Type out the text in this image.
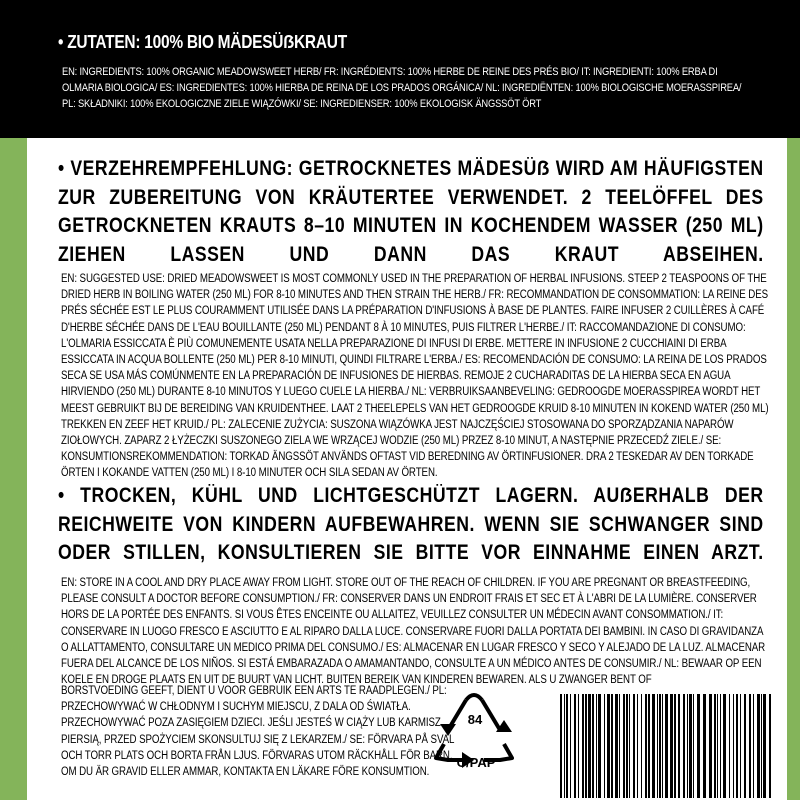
• ZUTATEN: 100% BIO MÄDESÜẞKRAUT
EN: INGREDIENTS: 100% ORGANIC MEADOWSWEET HERB/ FR: INGRÉDIENTS: 100% HERBE DE REINE DES PRÉS BIO/ IT: INGREDIENTI: 100% ERBA DI OLMARIA BIOLOGICA/ ES: INGREDIENTES: 100% HIERBA DE REINA DE LOS PRADOS ORGÁNICA/ NL: INGREDIËNTEN: 100% BIOLOGISCHE MOERASSPIREA/ PL: SKŁADNIKI: 100% EKOLOGICZNE ZIELE WIĄZÓWKI/ SE: INGREDIENSER: 100% EKOLOGISK ÄNGSSÖT ÖRT
• VERZEHREMPFEHLUNG: GETROCKNETES MÄDESÜẞ WIRD AM HÄUFIGSTEN ZUR ZUBEREITUNG VON KRÄUTERTEE VERWENDET. 2 TEELÖFFEL DES GETROCKNETEN KRAUTS 8–10 MINUTEN IN KOCHENDEM WASSER (250 ML) ZIEHEN LASSEN UND DANN DAS KRAUT ABSEIHEN.
EN: SUGGESTED USE: DRIED MEADOWSWEET IS MOST COMMONLY USED IN THE PREPARATION OF HERBAL INFUSIONS. STEEP 2 TEASPOONS OF THE DRIED HERB IN BOILING WATER (250 ML) FOR 8-10 MINUTES AND THEN STRAIN THE HERB./ FR: RECOMMANDATION DE CONSOMMATION: LA REINE DES PRÉS SÉCHÉE EST LE PLUS COURAMMENT UTILISÉE DANS LA PRÉPARATION D'INFUSIONS À BASE DE PLANTES. FAIRE INFUSER 2 CUILLÈRES À CAFÉ D'HERBE SÉCHÉE DANS DE L'EAU BOUILLANTE (250 ML) PENDANT 8 À 10 MINUTES, PUIS FILTRER L'HERBE./ IT: RACCOMANDAZIONE DI CONSUMO: L'OLMARIA ESSICCATA È PIÙ COMUNEMENTE USATA NELLA PREPARAZIONE DI INFUSI DI ERBE. METTERE IN INFUSIONE 2 CUCCHIAINI DI ERBA ESSICCATA IN ACQUA BOLLENTE (250 ML) PER 8-10 MINUTI, QUINDI FILTRARE L'ERBA./ ES: RECOMENDACIÓN DE CONSUMO: LA REINA DE LOS PRADOS SECA SE USA MÁS COMÚNMENTE EN LA PREPARACIÓN DE INFUSIONES DE HIERBAS. REMOJE 2 CUCHARADITAS DE LA HIERBA SECA EN AGUA HIRVIENDO (250 ML) DURANTE 8-10 MINUTOS Y LUEGO CUELE LA HIERBA./ NL: VERBRUIKSAANBEVELING: GEDROOGDE MOERASSPIREA WORDT HET MEEST GEBRUIKT BIJ DE BEREIDING VAN KRUIDENTHEE. LAAT 2 THEELEPELS VAN HET GEDROOGDE KRUID 8-10 MINUTEN IN KOKEND WATER (250 ML) TREKKEN EN ZEEF HET KRUID./ PL: ZALECENIE ZUŻYCIA: SUSZONA WIĄZÓWKA JEST NAJCZĘŚCIEJ STOSOWANA DO SPORZĄDZANIA NAPARÓW ZIOŁOWYCH. ZAPARZ 2 ŁYŻECZKI SUSZONEGO ZIELA WE WRZĄCEJ WODZIE (250 ML) PRZEZ 8-10 MINUT, A NASTĘPNIE PRZECEDŹ ZIELE./ SE: KONSUMTIONSREKOMMENDATION: TORKAD ÄNGSSÖT ANVÄNDS OFTAST VID BEREDNING AV ÖRTINFUSIONER. DRA 2 TESKEDAR AV DEN TORKADE ÖRTEN I KOKANDE VATTEN (250 ML) I 8-10 MINUTER OCH SILA SEDAN AV ÖRTEN.
• TROCKEN, KÜHL UND LICHTGESCHÜTZT LAGERN. AUẞERHALB DER REICHWEITE VON KINDERN AUFBEWAHREN. WENN SIE SCHWANGER SIND ODER STILLEN, KONSULTIEREN SIE BITTE VOR EINNAHME EINEN ARZT.
EN: STORE IN A COOL AND DRY PLACE AWAY FROM LIGHT. STORE OUT OF THE REACH OF CHILDREN. IF YOU ARE PREGNANT OR BREASTFEEDING, PLEASE CONSULT A DOCTOR BEFORE CONSUMPTION./ FR: CONSERVER DANS UN ENDROIT FRAIS ET SEC ET À L'ABRI DE LA LUMIÈRE. CONSERVER HORS DE LA PORTÉE DES ENFANTS. SI VOUS ÊTES ENCEINTE OU ALLAITEZ, VEUILLEZ CONSULTER UN MÉDECIN AVANT CONSOMMATION./ IT: CONSERVARE IN LUOGO FRESCO E ASCIUTTO E AL RIPARO DALLA LUCE. CONSERVARE FUORI DALLA PORTATA DEI BAMBINI. IN CASO DI GRAVIDANZA O ALLATTAMENTO, CONSULTARE UN MEDICO PRIMA DEL CONSUMO./ ES: ALMACENAR EN LUGAR FRESCO Y SECO Y ALEJADO DE LA LUZ. ALMACENAR FUERA DEL ALCANCE DE LOS NIÑOS. SI ESTÁ EMBARAZADA O AMAMANTANDO, CONSULTE A UN MÉDICO ANTES DE CONSUMIR./ NL: BEWAAR OP EEN KOELE EN DROGE PLAATS EN UIT DE BUURT VAN LICHT. BUITEN BEREIK VAN KINDEREN BEWAREN. ALS U ZWANGER BENT OF
BORSTVOEDING GEEFT, DIENT U VOOR GEBRUIK EEN ARTS TE RAADPLEGEN./ PL: PRZECHOWYWAĆ W CHŁODNYM I SUCHYM MIEJSCU, Z DALA OD ŚWIATŁA. PRZECHOWYWAĆ POZA ZASIĘGIEM DZIECI. JEŚLI JESTEŚ W CIĄŻY LUB KARMISZ PIERSIĄ, PRZED SPOŻYCIEM SKONSULTUJ SIĘ Z LEKARZEM./ SE: FÖRVARA PÅ SVAL OCH TORR PLATS OCH BORTA FRÅN LJUS. FÖRVARAS UTOM RÄCKHÅLL FÖR BARN. OM DU ÄR GRAVID ELLER AMMAR, KONTAKTA EN LÄKARE FÖRE KONSUMTION.
84
C/PAP
